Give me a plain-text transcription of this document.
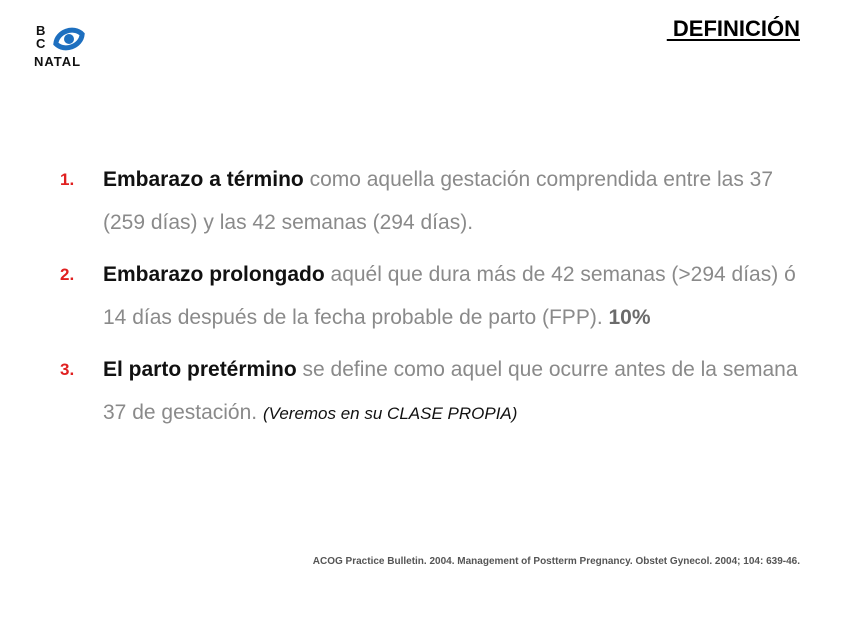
B
C
NATAL
DEFINICIÓN
1. Embarazo a término como aquella gestación comprendida entre las 37 (259 días) y las 42 semanas (294 días).
2. Embarazo prolongado aquél que dura más de 42 semanas (>294 días) ó 14 días después de la fecha probable de parto (FPP). 10%
3. El parto pretérmino se define como aquel que ocurre antes de la semana 37 de gestación. (Veremos en su CLASE PROPIA)
ACOG Practice Bulletin. 2004. Management of Postterm Pregnancy. Obstet Gynecol. 2004; 104: 639-46.
